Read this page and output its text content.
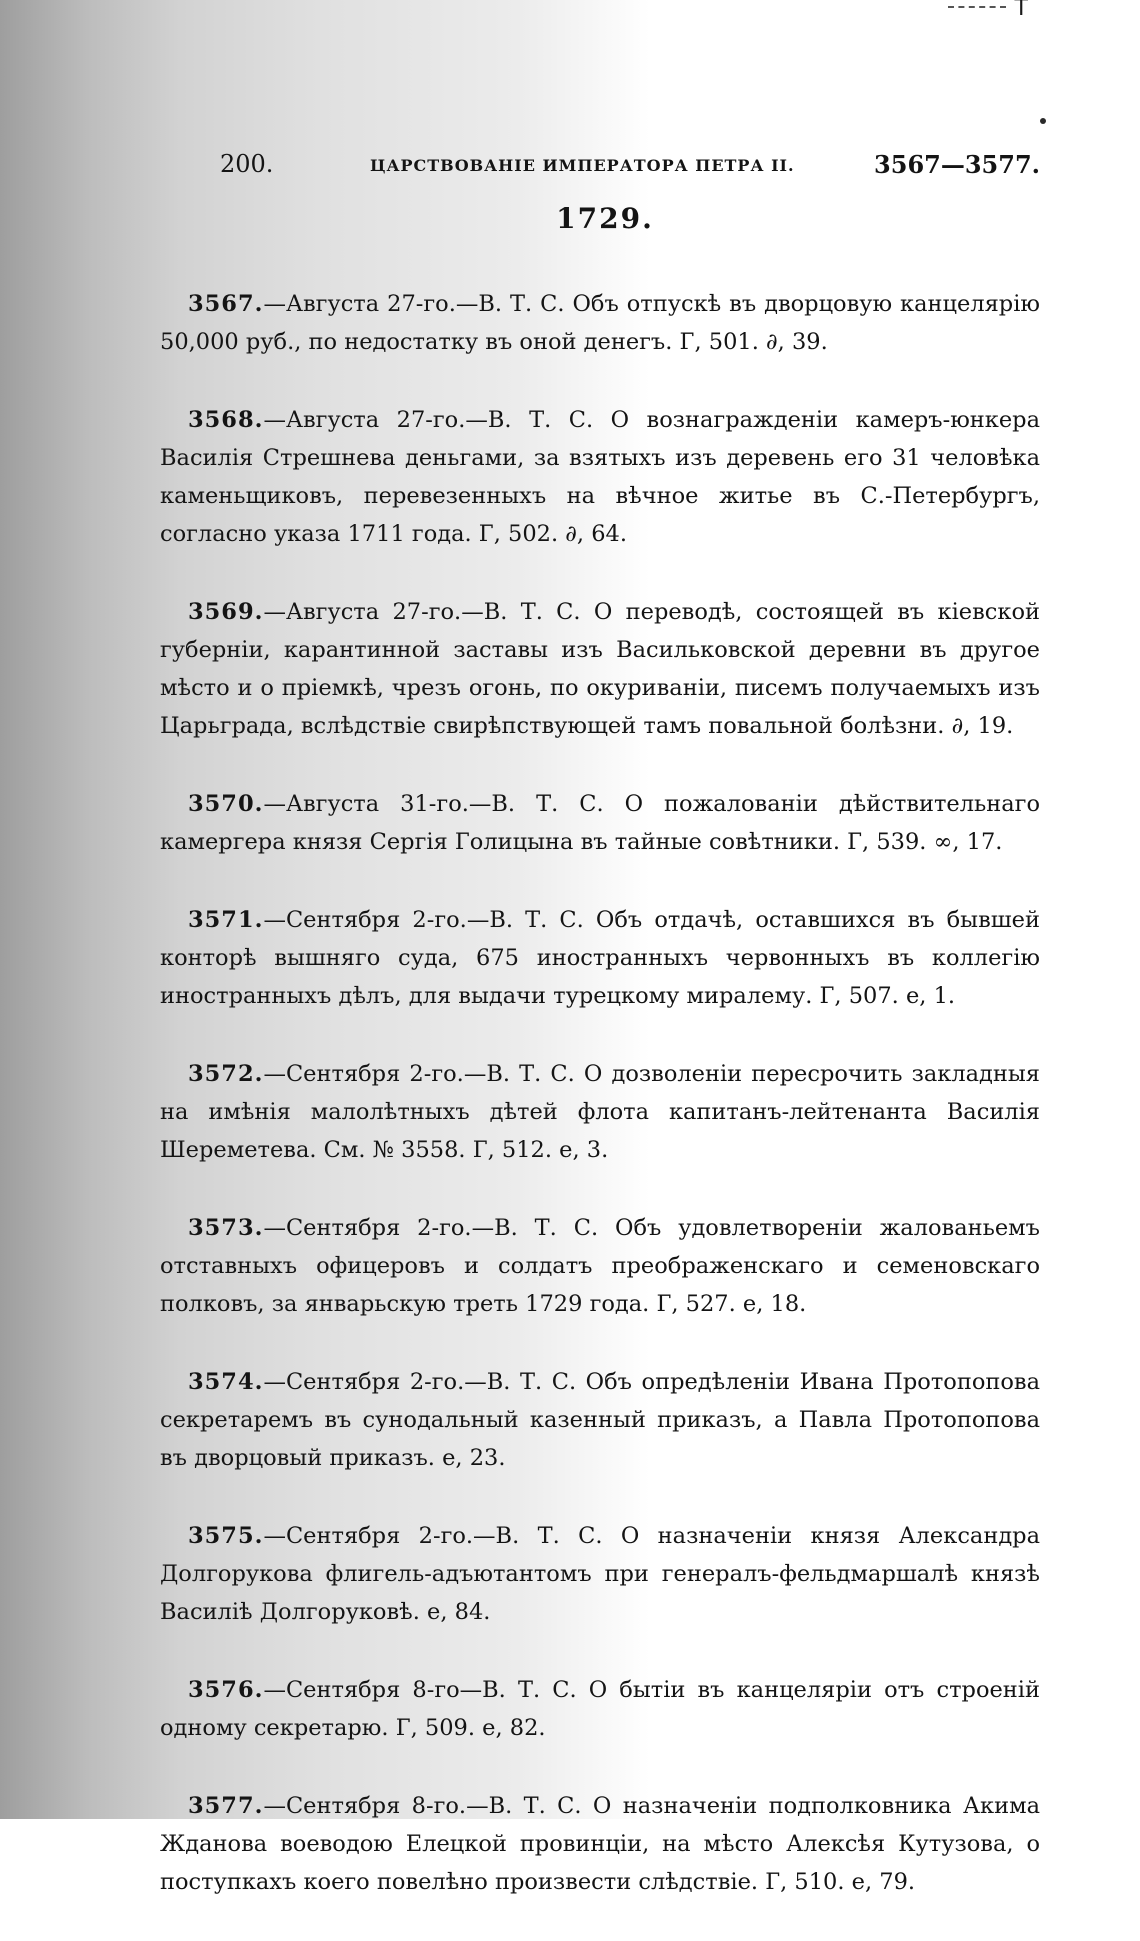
T
200.	ЦАРСТВОВАНІЕ ИМПЕРАТОРА ПЕТРА II.	3567—3577.
1729.

3567.—Августа 27-го.—В. Т. С. Объ отпускѣ въ дворцовую канцелярію 50,000 руб., по недостатку въ оной денегъ. Г, 501. ∂, 39.

3568.—Августа 27-го.—В. Т. С. О вознагражденіи камеръ-юнкера Василія Стрешнева деньгами, за взятыхъ изъ деревень его 31 человѣка каменьщиковъ, перевезенныхъ на вѣчное житье въ С.-Петербургъ, согласно указа 1711 года. Г, 502. ∂, 64.

3569.—Августа 27-го.—В. Т. С. О переводѣ, состоящей въ кіевской губерніи, карантинной заставы изъ Васильковской деревни въ другое мѣсто и о пріемкѣ, чрезъ огонь, по окуриваніи, писемъ получаемыхъ изъ Царьграда, вслѣдствіе свирѣпствующей тамъ повальной болѣзни. ∂, 19.

3570.—Августа 31-го.—В. Т. С. О пожалованіи дѣйствительнаго камергера князя Сергія Голицына въ тайные совѣтники. Г, 539. ∞, 17.

3571.—Сентября 2-го.—В. Т. С. Объ отдачѣ, оставшихся въ бывшей конторѣ вышняго суда, 675 иностранныхъ червонныхъ въ коллегію иностранныхъ дѣлъ, для выдачи турецкому миралему. Г, 507. е, 1.

3572.—Сентября 2-го.—В. Т. С. О дозволеніи пересрочить закладныя на имѣнія малолѣтныхъ дѣтей флота капитанъ-лейтенанта Василія Шереметева. См. № 3558. Г, 512. е, 3.

3573.—Сентября 2-го.—В. Т. С. Объ удовлетвореніи жалованьемъ отставныхъ офицеровъ и солдатъ преображенскаго и семеновскаго полковъ, за январьскую треть 1729 года. Г, 527. е, 18.

3574.—Сентября 2-го.—В. Т. С. Объ опредѣленіи Ивана Протопопова секретаремъ въ сунодальный казенный приказъ, а Павла Протопопова въ дворцовый приказъ. е, 23.

3575.—Сентября 2-го.—В. Т. С. О назначеніи князя Александра Долгорукова флигель-адъютантомъ при генералъ-фельдмаршалѣ князѣ Василіѣ Долгоруковѣ. е, 84.

3576.—Сентября 8-го—В. Т. С. О бытіи въ канцеляріи отъ строеній одному секретарю. Г, 509. е, 82.

3577.—Сентября 8-го.—В. Т. С. О назначеніи подполковника Акима Жданова воеводою Елецкой провинціи, на мѣсто Алексѣя Кутузова, о поступкахъ коего повелѣно произвести слѣдствіе. Г, 510. е, 79.
